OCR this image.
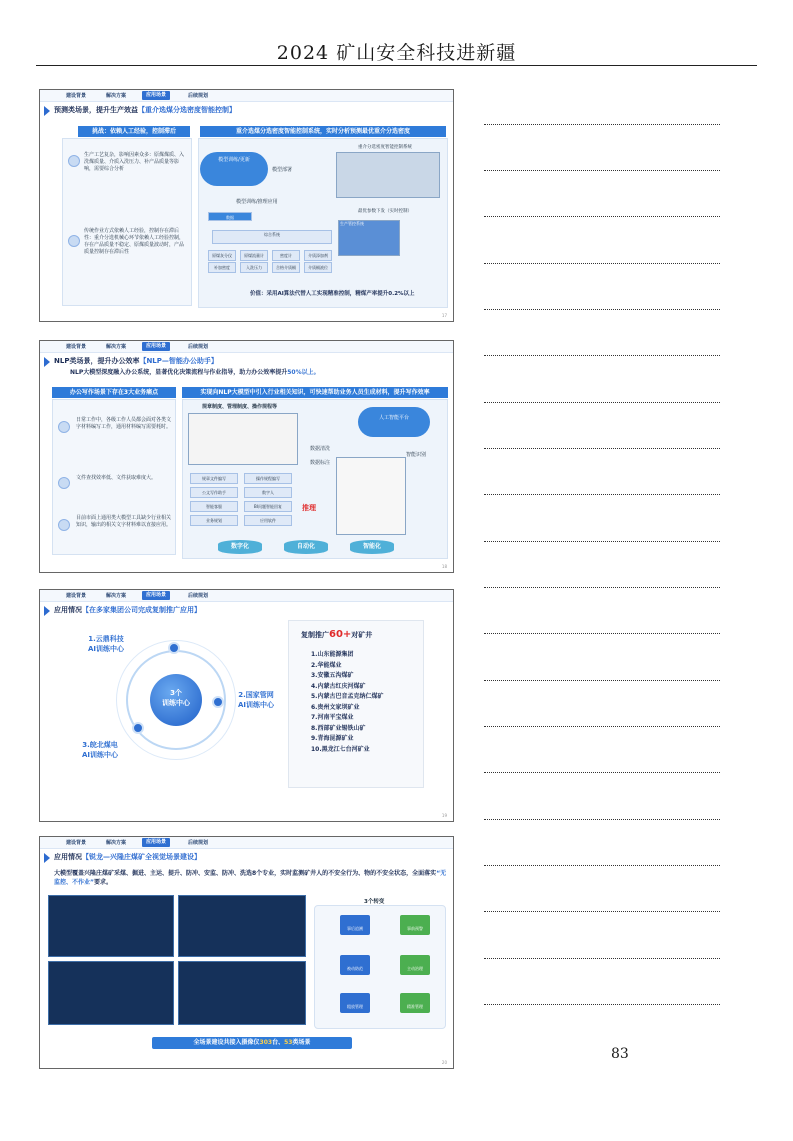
2024 矿山安全科技进新疆
建设背景	解决方案	应用场景	后续规划
预测类场景，提升生产效益【重介选煤分选密度智能控制】
挑战：依赖人工经验，控制滞后
生产工艺复杂，影响因素众多：原煤煤质、入洗煤质量、介质入洗压力、补产品质量等影响，需要综合分析
传统作业方式依赖人工经验，控制存在滞后性：重介分选机械心环节依赖人工经验控制，存在产品质量不稳定、原煤质量波动时，产品质量控制存在滞后性
重介选煤分选密度智能控制系统，实时分析预测最优重介分选密度
模型训练/更新
模型部署
重介分选密度智能控制系统
模型训练/推理应用
数据
最优参数下发（实时控制）
生产管控系统
综合系统
原煤灰分仪	原煤流量计	密度计	介质添加剂
补加密度	入洗压力	合格介质桶	介质桶液位
价值：采用AI算法代替人工实现精准控制，精煤产率提升0.2%以上
17
建设背景	解决方案	应用场景	后续规划
NLP类场景，提升办公效率【NLP—智能办公助手】
NLP大模型深度融入办公系统，显著优化决策流程与作业指导，助力办公效率提升50%以上。
办公写作场景下存在3大业务痛点
日常工作中，各级工作人员都会面对各类文字材料编写工作，通用材料编写需要耗时。
文件查找效率低、文件获取难度大。
目前市面上通用类大模型工具缺少行业相关知识，输出的相关文字材料难以直接应用。
实现向NLP大模型中引入行业相关知识，可快速帮助业务人员生成材料，提升写作效率
规章制度、管理制度、操作规程等
人工智能平台
数据清洗
数据标注
智能识别
规章文件编写	操作规程编写
公文写作助手	数字人
智能客服	BI问题智能回复
业务规划	应用软件
推理
数字化	自动化	智能化
18
建设背景	解决方案	应用场景	后续规划
应用情况【在多家集团公司完成复制推广应用】
3个
训练中心
1.云鼎科技
AI训练中心
2.国家管网
AI训练中心
3.皖北煤电
AI训练中心
复制推广60+对矿井
1.山东能源集团
2.华能煤业
3.安徽五沟煤矿
4.内蒙古红庆河煤矿
5.内蒙古巴音孟克纳仁煤矿
6.贵州文家坝矿业
7.河南平宝煤业
8.西部矿业锡铁山矿
9.青海昆源矿业
10.黑龙江七台河矿业
19
建设背景	解决方案	应用场景	后续规划
应用情况【锐龙—兴隆庄煤矿全视觉场景建设】
大模型覆盖兴隆庄煤矿采煤、掘进、主运、提升、防冲、安监、防冲、洗选8个专业，实时监测矿井人的不安全行为、物的不安全状态，全面落实“无监控、不作业”要求。
3个转变
事后追溯	事前预警
被动防范	主动治理
粗放管理	精准管理
全场景建设共接入摄像仪303台、53类场景
20
83
